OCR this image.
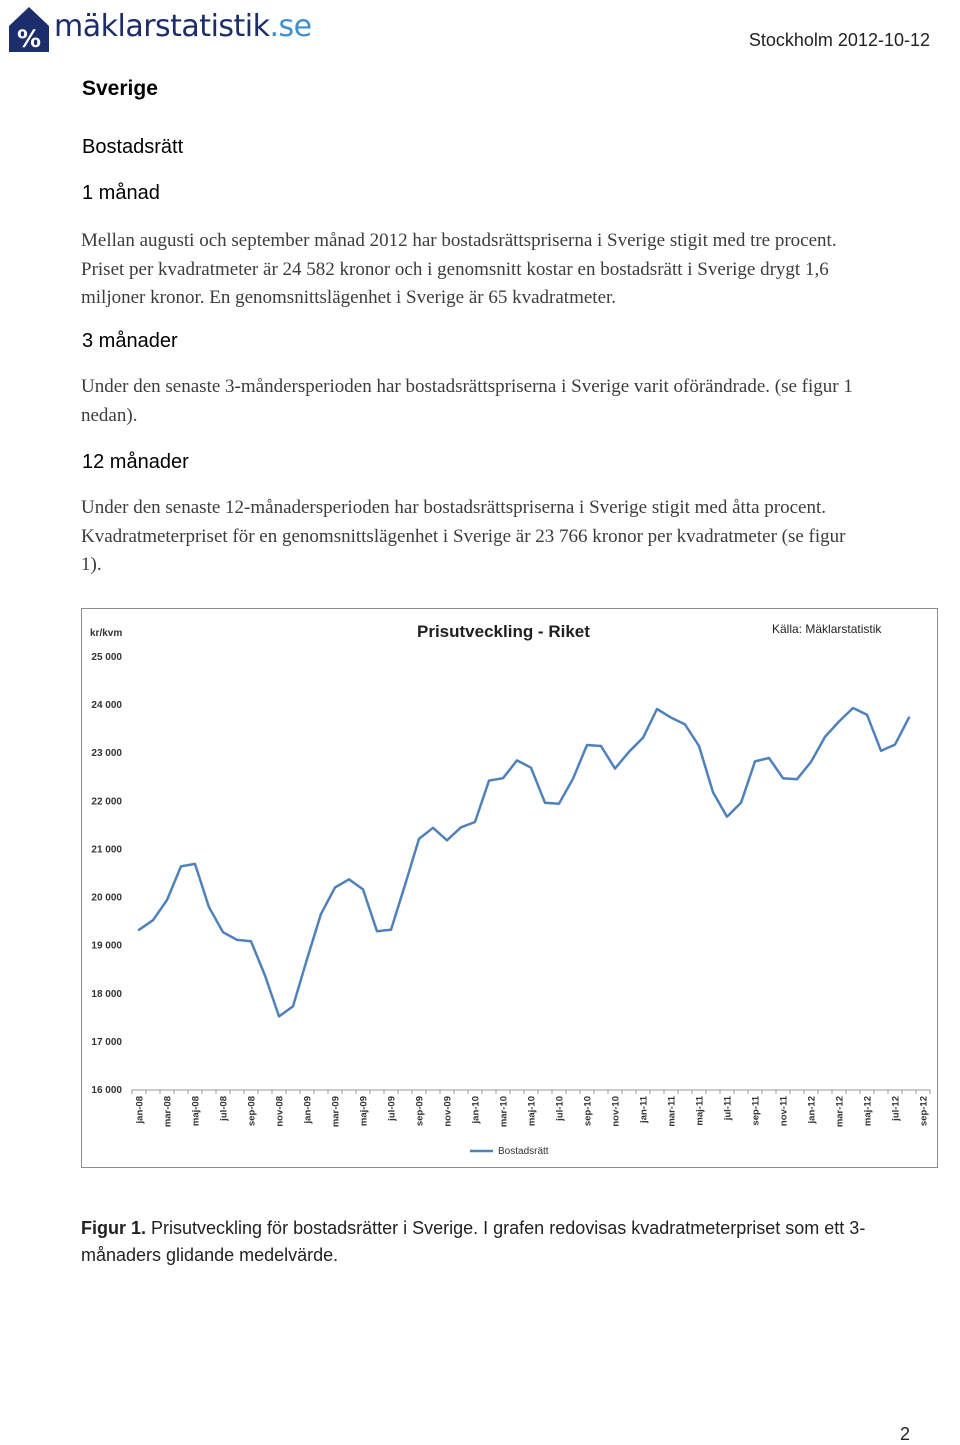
% mäklarstatistik.se	Stockholm 2012-10-12
Sverige
Bostadsrätt
1 månad

Mellan augusti och september månad 2012 har bostadsrättspriserna i Sverige stigit med tre procent. Priset per kvadratmeter är 24 582 kronor och i genomsnitt kostar en bostadsrätt i Sverige drygt 1,6 miljoner kronor. En genomsnittslägenhet i Sverige är 65 kvadratmeter.

3 månader

Under den senaste 3-måndersperioden har bostadsrättspriserna i Sverige varit oförändrade. (se figur 1 nedan).

12 månader

Under den senaste 12-månadersperioden har bostadsrättspriserna i Sverige stigit med åtta procent. Kvadratmeterpriset för en genomsnittslägenhet i Sverige är 23 766 kronor per kvadratmeter (se figur 1).

Prisutveckling - Riket	Källa: Mäklarstatistik
kr/kvm
16 000
17 000
18 000
19 000
20 000
21 000
22 000
23 000
24 000
25 000
jan-08 mar-08 maj-08 jul-08 sep-08 nov-08 jan-09 mar-09 maj-09 jul-09 sep-09 nov-09 jan-10 mar-10 maj-10 jul-10 sep-10 nov-10 jan-11 mar-11 maj-11 jul-11 sep-11 nov-11 jan-12 mar-12 maj-12 jul-12 sep-12
Bostadsrätt

Figur 1. Prisutveckling för bostadsrätter i Sverige. I grafen redovisas kvadratmeterpriset som ett 3-månaders glidande medelvärde.

2
